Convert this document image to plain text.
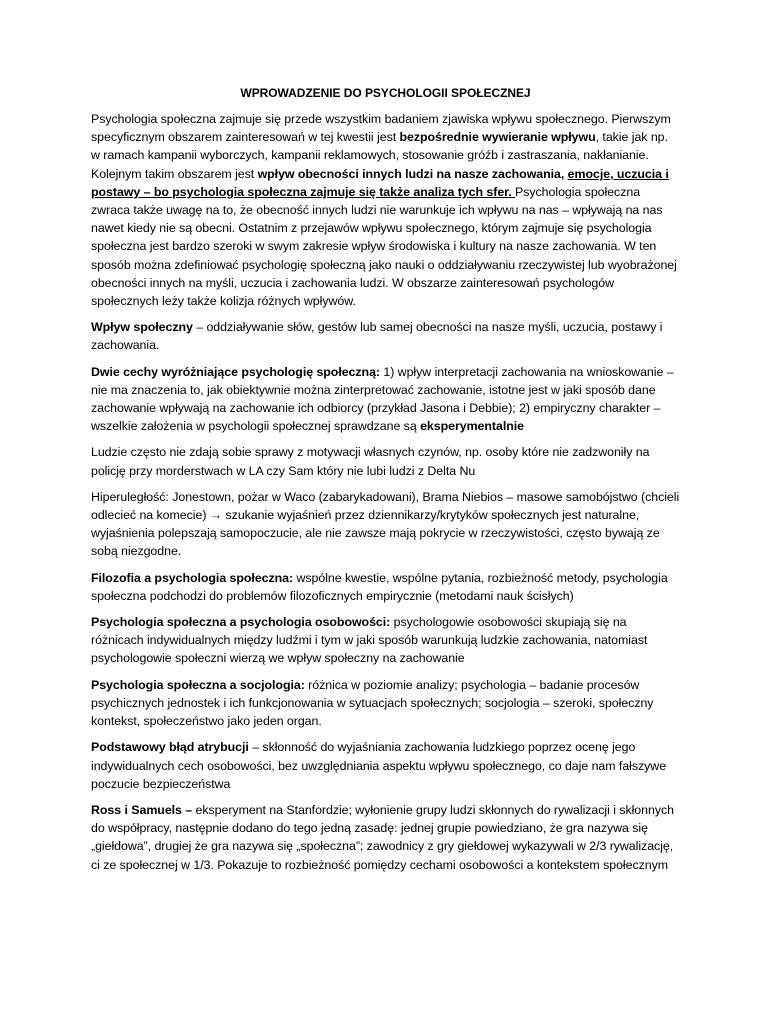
WPROWADZENIE DO PSYCHOLOGII SPOŁECZNEJ

Psychologia społeczna zajmuje się przede wszystkim badaniem zjawiska wpływu społecznego. Pierwszym specyficznym obszarem zainteresowań w tej kwestii jest bezpośrednie wywieranie wpływu, takie jak np. w ramach kampanii wyborczych, kampanii reklamowych, stosowanie gróźb i zastraszania, nakłanianie. Kolejnym takim obszarem jest wpływ obecności innych ludzi na nasze zachowania, emocje, uczucia i postawy – bo psychologia społeczna zajmuje się także analiza tych sfer. Psychologia społeczna zwraca także uwagę na to, że obecność innych ludzi nie warunkuje ich wpływu na nas – wpływają na nas nawet kiedy nie są obecni. Ostatnim z przejawów wpływu społecznego, którym zajmuje się psychologia społeczna jest bardzo szeroki w swym zakresie wpływ środowiska i kultury na nasze zachowania. W ten sposób można zdefiniować psychologię społeczną jako nauki o oddziaływaniu rzeczywistej lub wyobrażonej obecności innych na myśli, uczucia i zachowania ludzi. W obszarze zainteresowań psychologów społecznych leży także kolizja różnych wpływów.

Wpływ społeczny – oddziaływanie słów, gestów lub samej obecności na nasze myśli, uczucia, postawy i zachowania.

Dwie cechy wyróżniające psychologię społeczną: 1) wpływ interpretacji zachowania na wnioskowanie – nie ma znaczenia to, jak obiektywnie można zinterpretować zachowanie, istotne jest w jaki sposób dane zachowanie wpływają na zachowanie ich odbiorcy (przykład Jasona i Debbie); 2) empiryczny charakter – wszelkie założenia w psychologii społecznej sprawdzane są eksperymentalnie

Ludzie często nie zdają sobie sprawy z motywacji własnych czynów, np. osoby które nie zadzwoniły na policję przy morderstwach w LA czy Sam który nie lubi ludzi z Delta Nu

Hiperuległość: Jonestown, pożar w Waco (zabarykadowani), Brama Niebios – masowe samobójstwo (chcieli odlecieć na komecie) → szukanie wyjaśnień przez dziennikarzy/krytyków społecznych jest naturalne, wyjaśnienia polepszają samopoczucie, ale nie zawsze mają pokrycie w rzeczywistości, często bywają ze sobą niezgodne.

Filozofia a psychologia społeczna: wspólne kwestie, wspólne pytania, rozbieżność metody, psychologia społeczna podchodzi do problemów filozoficznych empirycznie (metodami nauk ścisłych)

Psychologia społeczna a psychologia osobowości: psychologowie osobowości skupiają się na różnicach indywidualnych między ludźmi i tym w jaki sposób warunkują ludzkie zachowania, natomiast psychologowie społeczni wierzą we wpływ społeczny na zachowanie

Psychologia społeczna a socjologia: różnica w poziomie analizy; psychologia – badanie procesów psychicznych jednostek i ich funkcjonowania w sytuacjach społecznych; socjologia – szeroki, społeczny kontekst, społeczeństwo jako jeden organ.

Podstawowy błąd atrybucji – skłonność do wyjaśniania zachowania ludzkiego poprzez ocenę jego indywidualnych cech osobowości, bez uwzględniania aspektu wpływu społecznego, co daje nam fałszywe poczucie bezpieczeństwa

Ross i Samuels – eksperyment na Stanfordzie; wyłonienie grupy ludzi skłonnych do rywalizacji i skłonnych do współpracy, następnie dodano do tego jedną zasadę: jednej grupie powiedziano, że gra nazywa się „giełdowa”, drugiej że gra nazywa się „społeczna”; zawodnicy z gry giełdowej wykazywali w 2/3 rywalizację, ci ze społecznej w 1/3. Pokazuje to rozbieżność pomiędzy cechami osobowości a kontekstem społecznym
